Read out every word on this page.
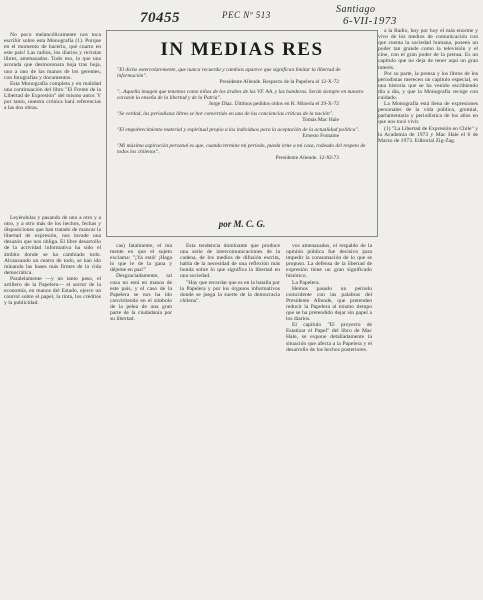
70455	PEC Nº 513	Santiago
6-VII-1973

No poco melancólicamente nos toca escribir sobre esta Monografía (1). Porque en el momento de hacerlo, qué cuarto en este país! Las radios, los diarios y revistas libres, amenazados. Todo eso, lo que una acorada que desmoronara hoja tras hoja, uno a uno de las manos de los gerentes, con fotografías y documentos.

Esta Monografía completa y en realidad una continuación del libro "El Frente de la Libertad de Expresión" del mismo autor. Y por tanto, nuestra crónica hará referencias a las dos obras.

Leyéndolas y pasando de uno a otro y a otro, y a otro más de los hechos, fechas y disposiciones que han tratado de mancar la libertad de expresión, nos invade una desazón que nos obliga. El libre desarrollo de la actividad informativa ha sido el ámbito donde se ha cambiado todo. Alcanzando un centro de todo, se han ido minando las bases más firmes de la vida democrática.

Paralelamente —y no tanto paso, el artillero de la Papelera— el sector de la economía, en manos del Estado, ejerce un control sobre el papel, la tinta, los créditos y la publicidad.

IN MEDIAS RES

"El dicho estercolaremente, que nunca recuerda y cambios aparece que significan limitar la libertad de información".
Presidente Allende. Respecto de la Papelera el 12-X-72

"...Aquella imagen que tenemos como niños de los árabes de las VF. AA. y las banderas. Serán siempre en nuestro corazón la enseña de la libertad y de la Patria".
Jorge Díaz. Últimos pedidos oídos en R. Minería el 29-X-72

"Se verdad, las periodistas libres se hor convertido en una de las conciencias críticas de la nación".
Tomás Mac Hale

"El empobrecimiento material y espiritual propio a los individuos para la aceptación de la actualidad política".
Ernesto Fontaine

"Mi máxima aspiración personal es que, cuando termine mi período, pueda irme a mi casa, rodeado del respeto de todos los chilenos".
Presidente Allende. 12-XI-73

por M. C. G.

cas) fatalmente, el ma mente en que el sujeto exclama: "¡Ya está! ¡Haga lo que le de la gana y déjeme en paz!"

Desgraciadamente, tal cosa no está en manos de este país, y el caso de la Papelera se nos ha ido convirtiendo en el símbolo de la pelea de una gran parte de la ciudadanía por su libertad.

Esta tendencia dominante que produce una serie de intercomunicaciones de la cadena, de los medios de difusión escrita, habla de la necesidad de una reflexión más honda sobre lo que significa la libertad en una sociedad.

"Hay que recordar que es en la batalla por la Papelera y por los órganos informativos donde se juega la suerte de la democracia chilena".

vos amenazados, el respaldo de la opinión pública fue decisivo para impedir la consumación de lo que se propuso. La defensa de la libertad de expresión tiene un gran significado histórico.

La Papelera.

Hemos pasado un período coincidente con las palabras del Presidente Allende, que pretenden reducir la Papelera al mismo tiempo que se ha pretendido dejar sin papel a los diarios.

El capítulo "El proyecto de Estatizar el Papel" del libro de Mac Hale, se expone detalladamente la situación que afecta a la Papelera y el desarrollo de los hechos posteriores.

a la Radio, hoy por hoy el más enorme y vivo de los medios de comunicación con que cuenta la sociedad humana, poseen un poder tan grande como la televisión y el cine, con el gran poder de la prensa. Es un capítulo que no deja de tener aquí un gran interés.

Por su parte, la prensa y los libros de los periodistas merecen un capítulo especial, es una historia que se ha venido escribiendo día a día, y que la Monografía recoge con cuidado.

La Monografía está llena de expresiones personales de la vida pública, gremial, parlamentaria y periodística de los años en que nos tocó vivir.

(1) "La Libertad de Expresión en Chile" y la Academia de 1973 y Mac Hale el 6 de Marzo de 1973. Editorial Zig-Zag.
